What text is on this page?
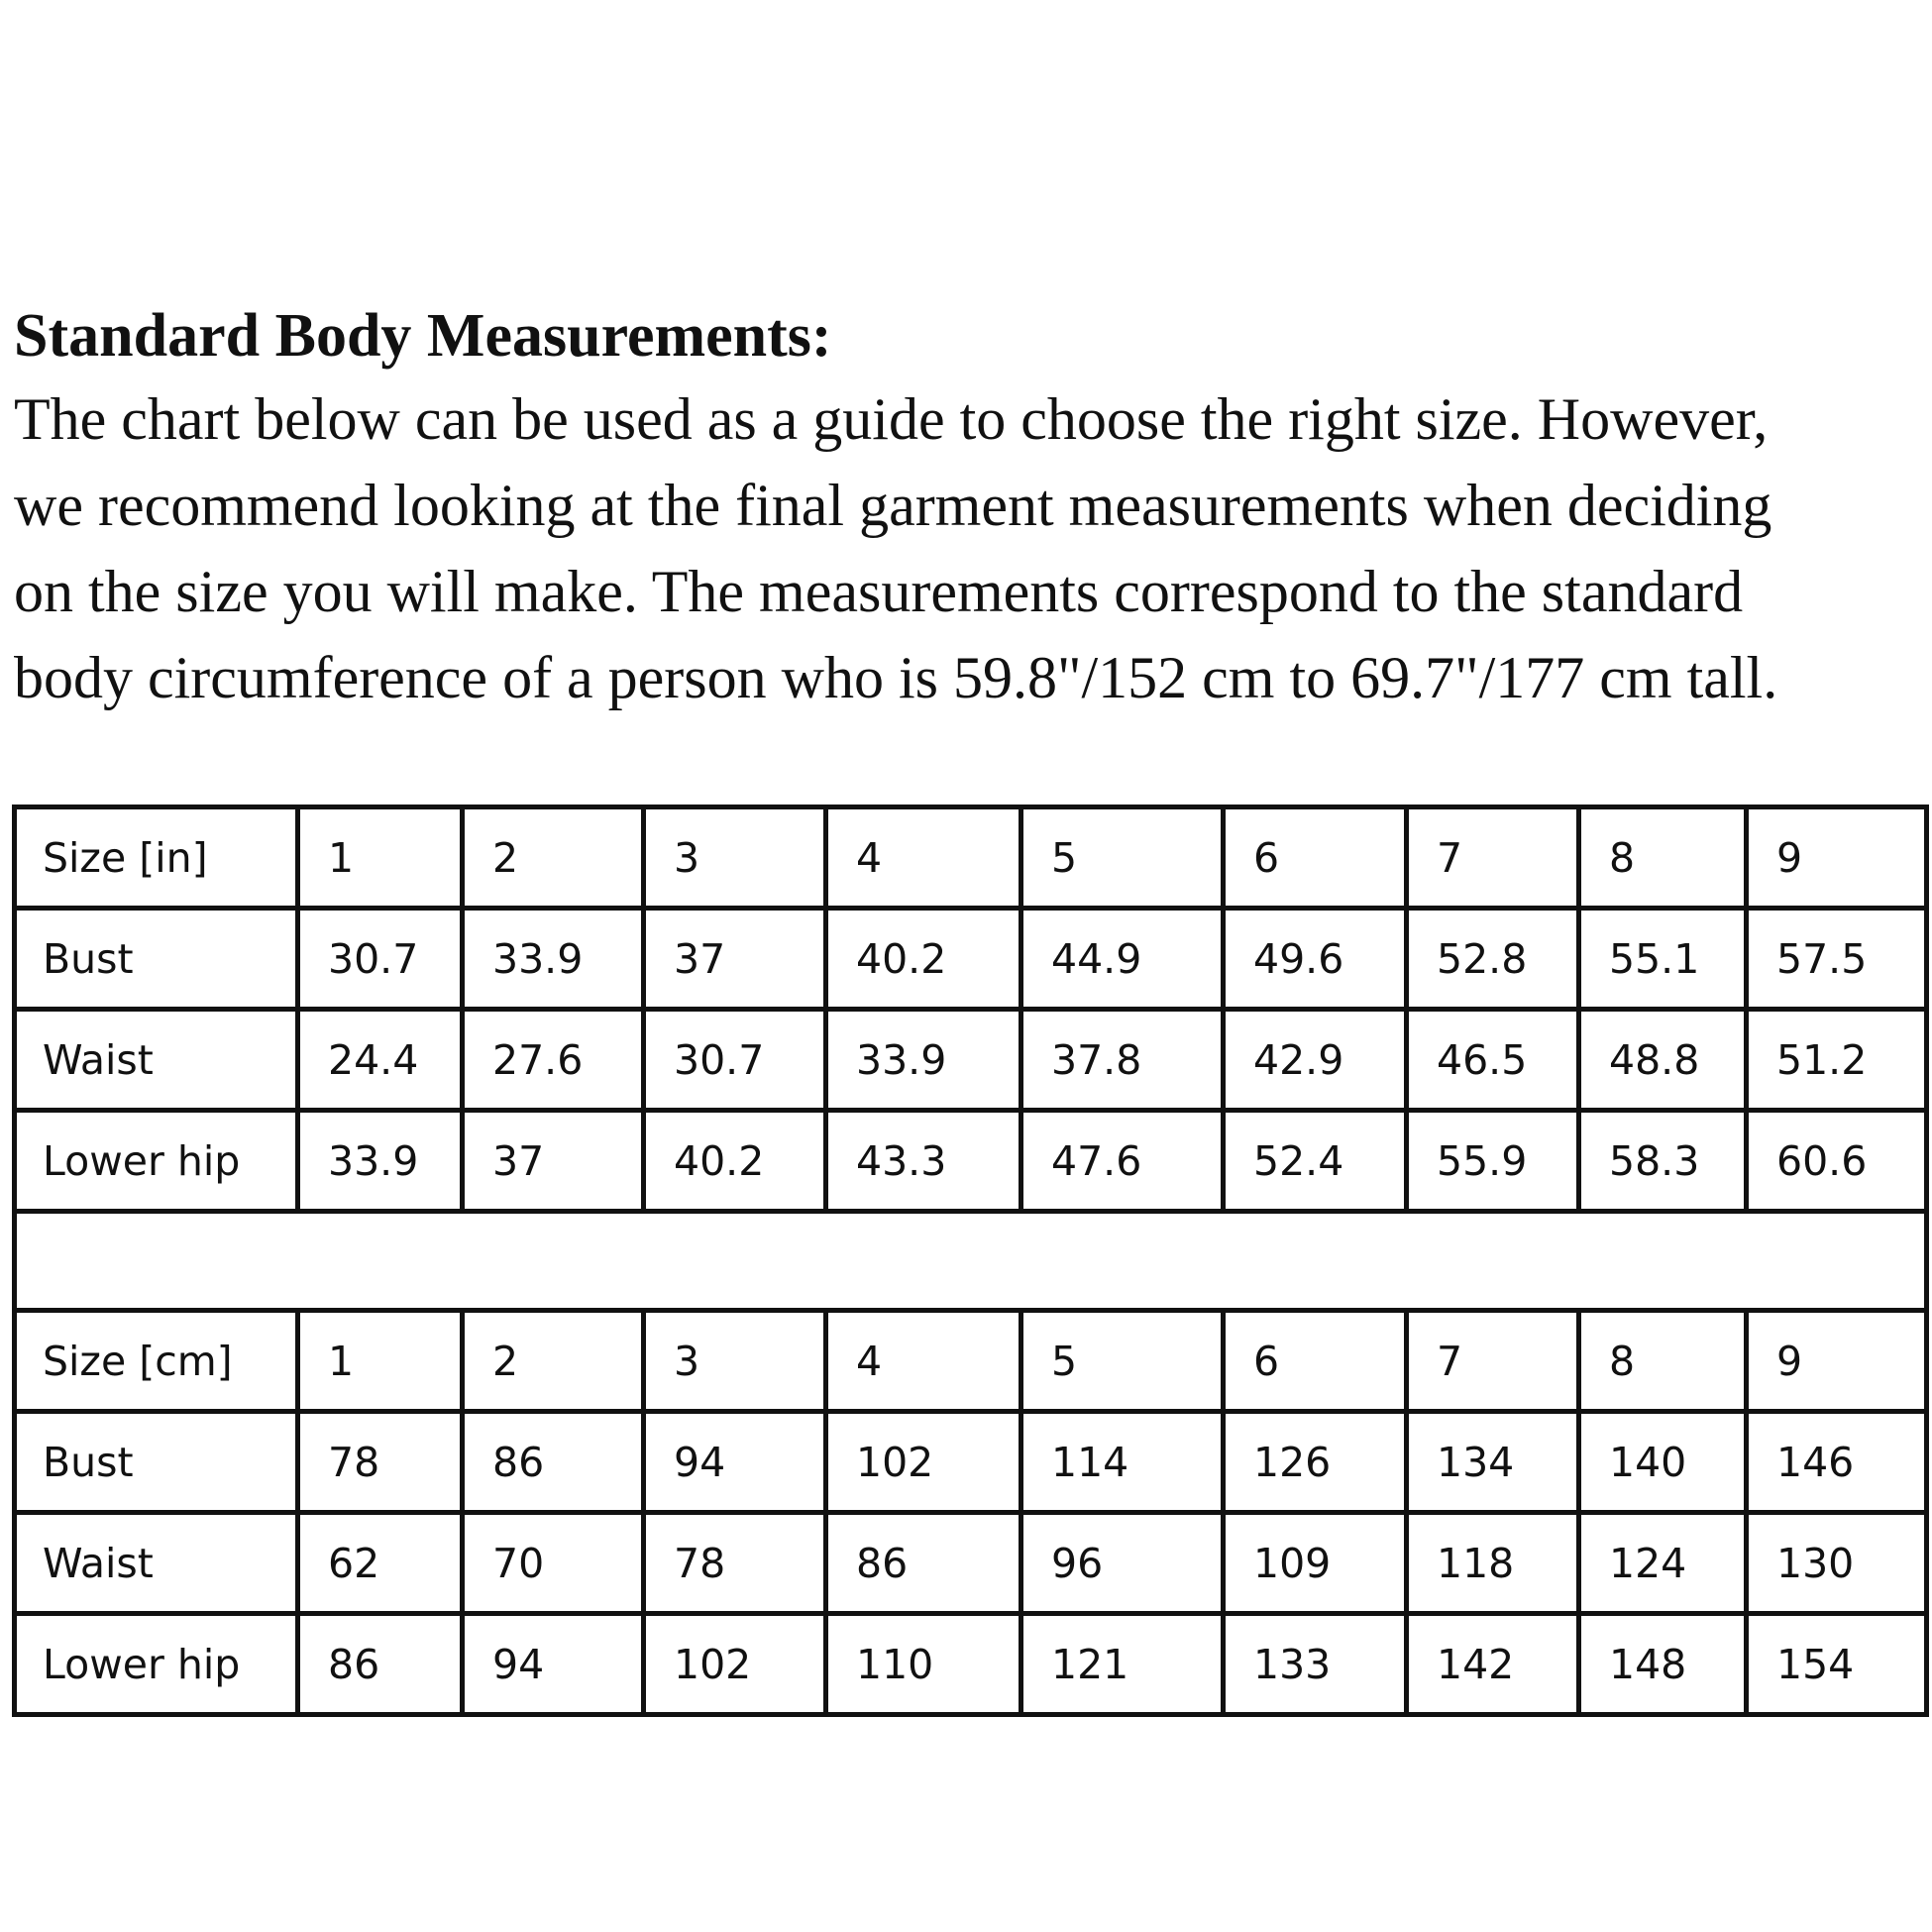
Standard Body Measurements:

The chart below can be used as a guide to choose the right size. However,

we recommend looking at the final garment measurements when deciding

on the size you will make. The measurements correspond to the standard

body circumference of a person who is 59.8"/152 cm to 69.7"/177 cm tall.

Size [in]	1	2	3	4	5	6	7	8	9
Bust	30.7	33.9	37	40.2	44.9	49.6	52.8	55.1	57.5
Waist	24.4	27.6	30.7	33.9	37.8	42.9	46.5	48.8	51.2
Lower hip	33.9	37	40.2	43.3	47.6	52.4	55.9	58.3	60.6

Size [cm]	1	2	3	4	5	6	7	8	9
Bust	78	86	94	102	114	126	134	140	146
Waist	62	70	78	86	96	109	118	124	130
Lower hip	86	94	102	110	121	133	142	148	154
